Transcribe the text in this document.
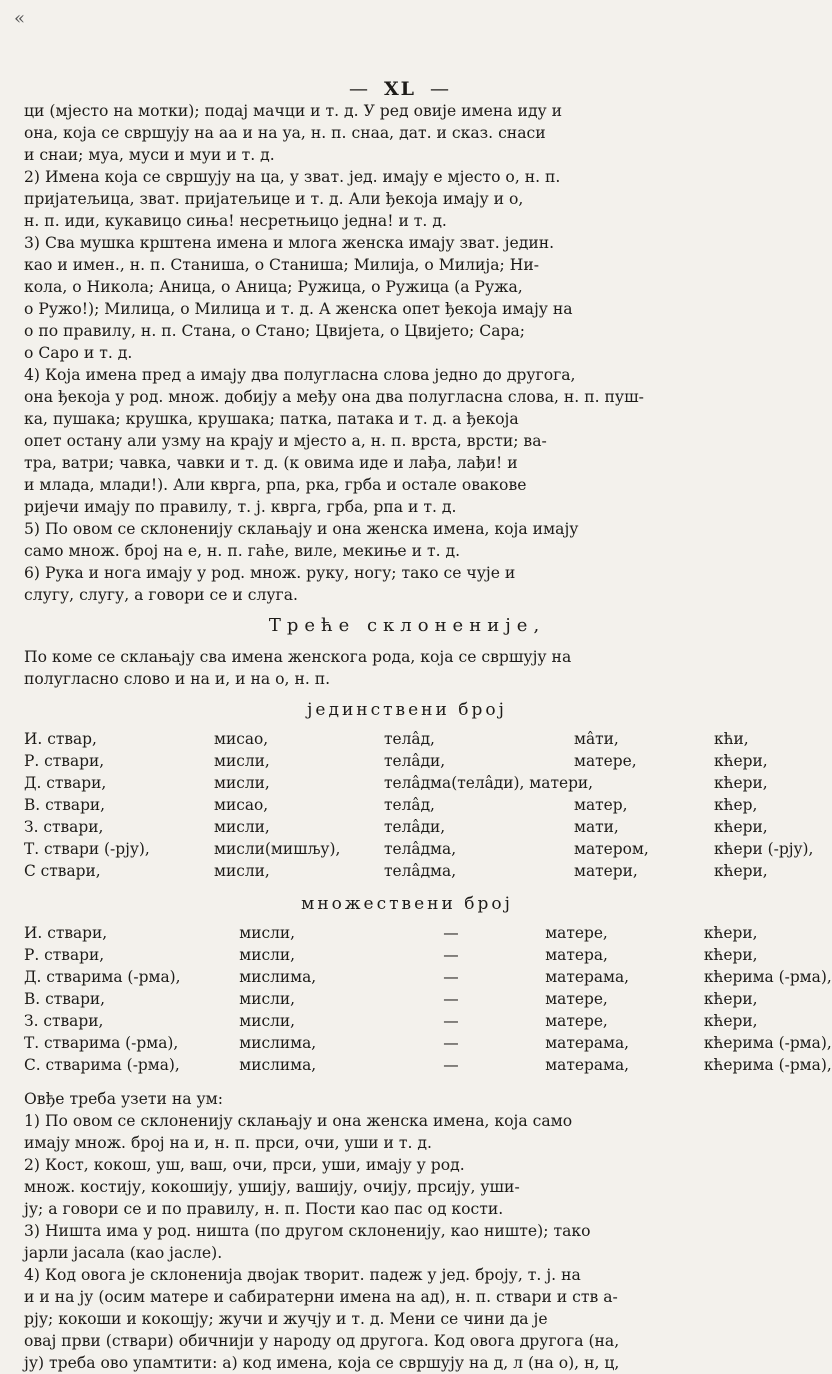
«
— XL —

ци (мјесто на мотки); подај мачци и т. д. У ред овије имена иду и

она, која се свршују на аа и на уа, н. п. снаа, дат. и сказ. снаси

и снаи; муа, муси и муи и т. д.

2) Имена која се свршују на ца, у зват. јед. имају е мјесто о, н. п.

пријатељица, зват. пријатељице и т. д. Али ђекоја имају и о,

н. п. иди, кукавицо сињa! несретњицо једна! и т. д.

3) Сва мушка крштена имена и млога женска имају зват. једин.

као и имен., н. п. Станиша, о Станиша; Милија, о Милија; Ни-

кола, о Никола; Аница, о Аница; Ружица, о Ружица (а Ружа,

о Ружо!); Милица, о Милица и т. д. А женска опет ђекоја имају на

о по правилу, н. п. Стана, о Стано; Цвијета, о Цвијето; Сара;

о Саро и т. д.

4) Која имена пред а имају два полугласна слова једно до другога,

она ђекоја у род. множ. добију а међу она два полугласна слова, н. п. пуш-

ка, пушака; крушка, крушака; патка, патака и т. д. а ђекоја

опет остану али узму на крају и мјесто а, н. п. врста, врсти; ва-

тра, ватри; чавка, чавки и т. д. (к овима иде и лађа, лађи! и

и млада, млади!). Али кврга, рпа, рка, грба и остале овакове

ријечи имају по правилу, т. ј. кврга, грба, рпа и т. д.

5) По овом се склоненију склањају и она женска имена, која имају

само множ. број на е, н. п. гаће, виле, мекиње и т. д.

6) Рука и нога имају у род. множ. руку, ногу; тако се чује и

слугу, слугу, а говори се и слуга.

Треће склоненије,

По коме се склањају сва имена женскога рода, која се свршују на

полугласно слово и на и, и на о, н. п.

јединствени број
И. ствар,	мисао,	тела̂д,	ма̂ти,	кћи,
Р. ствари,	мисли,	тела̂ди,	матере,	кћери,
Д. ствари,	мисли,	тела̂дма(тела̂ди), матери,		кћери,
В. ствари,	мисао,	тела̂д,	матер,	кћер,
З. ствари,	мисли,	тела̂ди,	мати,	кћери,
Т. ствари (-рју),	мисли(мишљу),	тела̂дма,	матером,	кћери (-рју),
С ствари,	мисли,	тела̂дма,	матери,	кћери,
множествени број
И. ствари,	мисли,	—	матере,	кћери,
Р. ствари,	мисли,	—	матера,	кћери,
Д. стварима (-рма),	мислима,	—	матерама,	кћерима (-рма),
В. ствари,	мисли,	—	матере,	кћери,
З. ствари,	мисли,	—	матере,	кћери,
Т. стварима (-рма),	мислима,	—	матерама,	кћерима (-рма),
С. стварима (-рма),	мислима,	—	матерама,	кћерима (-рма),

Овђе треба узети на ум:

1) По овом се склоненију склањају и она женска имена, која само

имају множ. број на и, н. п. прси, очи, уши и т. д.

2) Кост, кокош, уш, ваш, очи, прси, уши, имају у род.

множ. костију, кокошију, ушију, вашију, очију, прсију, уши-

ју; а говори се и по правилу, н. п. Пости као пас од кости.

3) Ништа има у род. ништа (по другом склоненију, као ниште); тако

јарли јасала (као јасле).

4) Код овога је склоненија двојак творит. падеж у јед. броју, т. ј. на

и и на ју (осим матере и сабиратерни имена на ад), н. п. ствари и ств а-

рју; кокоши и кокошју; жучи и жучју и т. д. Мени се чини да је

овај први (ствари) обичнији у народу од другога. Код овога другога (на,

ју) треба ово упамтити: а) код имена, која се свршују на д, л (на о), н, ц,
